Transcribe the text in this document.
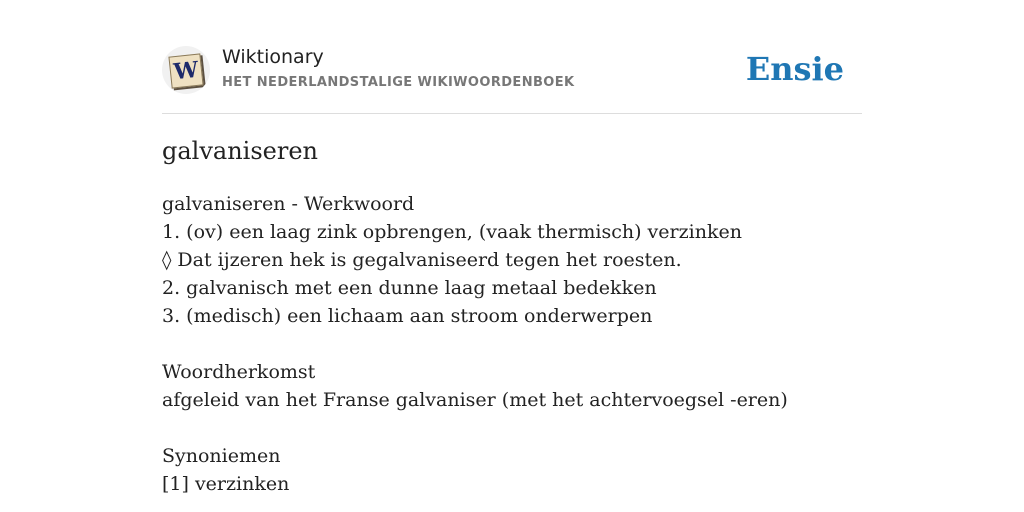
W Wiktionary
HET NEDERLANDSTALIGE WIKIWOORDENBOEK	Ensie
galvaniseren
galvaniseren - Werkwoord
1. (ov) een laag zink opbrengen, (vaak thermisch) verzinken
◊ Dat ijzeren hek is gegalvaniseerd tegen het roesten.
2. galvanisch met een dunne laag metaal bedekken
3. (medisch) een lichaam aan stroom onderwerpen
Woordherkomst
afgeleid van het Franse galvaniser (met het achtervoegsel -eren)
Synoniemen
[1] verzinken
